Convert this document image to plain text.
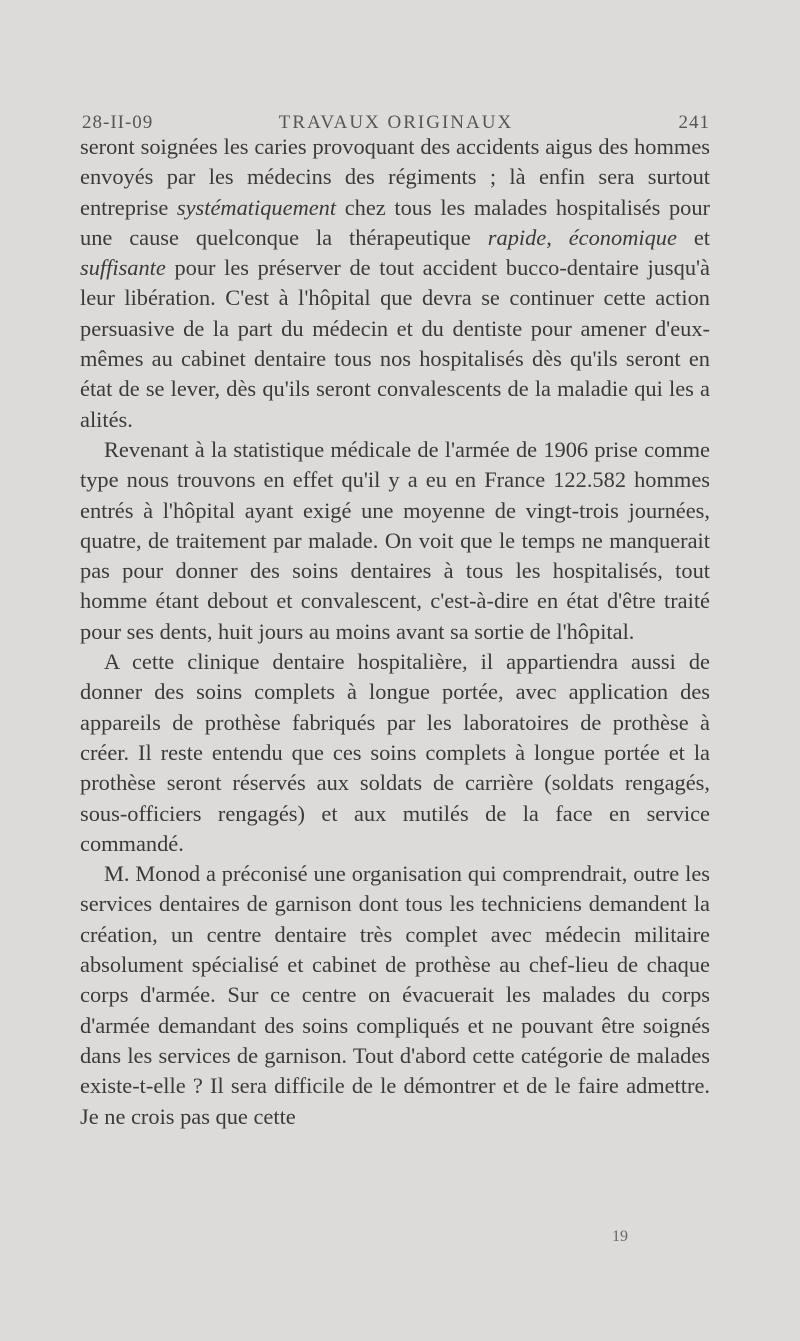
28-II-09	TRAVAUX ORIGINAUX	241

seront soignées les caries provoquant des accidents aigus des hommes envoyés par les médecins des régiments ; là enfin sera surtout entreprise systématiquement chez tous les malades hospitalisés pour une cause quelconque la thérapeutique rapide, économique et suffisante pour les préserver de tout accident bucco-dentaire jusqu'à leur libération. C'est à l'hôpital que devra se continuer cette action persuasive de la part du médecin et du dentiste pour amener d'eux-mêmes au cabinet dentaire tous nos hospitalisés dès qu'ils seront en état de se lever, dès qu'ils seront convalescents de la maladie qui les a alités.

Revenant à la statistique médicale de l'armée de 1906 prise comme type nous trouvons en effet qu'il y a eu en France 122.582 hommes entrés à l'hôpital ayant exigé une moyenne de vingt-trois journées, quatre, de traitement par malade. On voit que le temps ne manquerait pas pour donner des soins dentaires à tous les hospitalisés, tout homme étant debout et convalescent, c'est-à-dire en état d'être traité pour ses dents, huit jours au moins avant sa sortie de l'hôpital.

A cette clinique dentaire hospitalière, il appartiendra aussi de donner des soins complets à longue portée, avec application des appareils de prothèse fabriqués par les laboratoires de prothèse à créer. Il reste entendu que ces soins complets à longue portée et la prothèse seront réservés aux soldats de carrière (soldats rengagés, sous-officiers rengagés) et aux mutilés de la face en service commandé.

M. Monod a préconisé une organisation qui comprendrait, outre les services dentaires de garnison dont tous les techniciens demandent la création, un centre dentaire très complet avec médecin militaire absolument spécialisé et cabinet de prothèse au chef-lieu de chaque corps d'armée. Sur ce centre on évacuerait les malades du corps d'armée demandant des soins compliqués et ne pouvant être soignés dans les services de garnison. Tout d'abord cette catégorie de malades existe-t-elle ? Il sera difficile de le démontrer et de le faire admettre. Je ne crois pas que cette

19
